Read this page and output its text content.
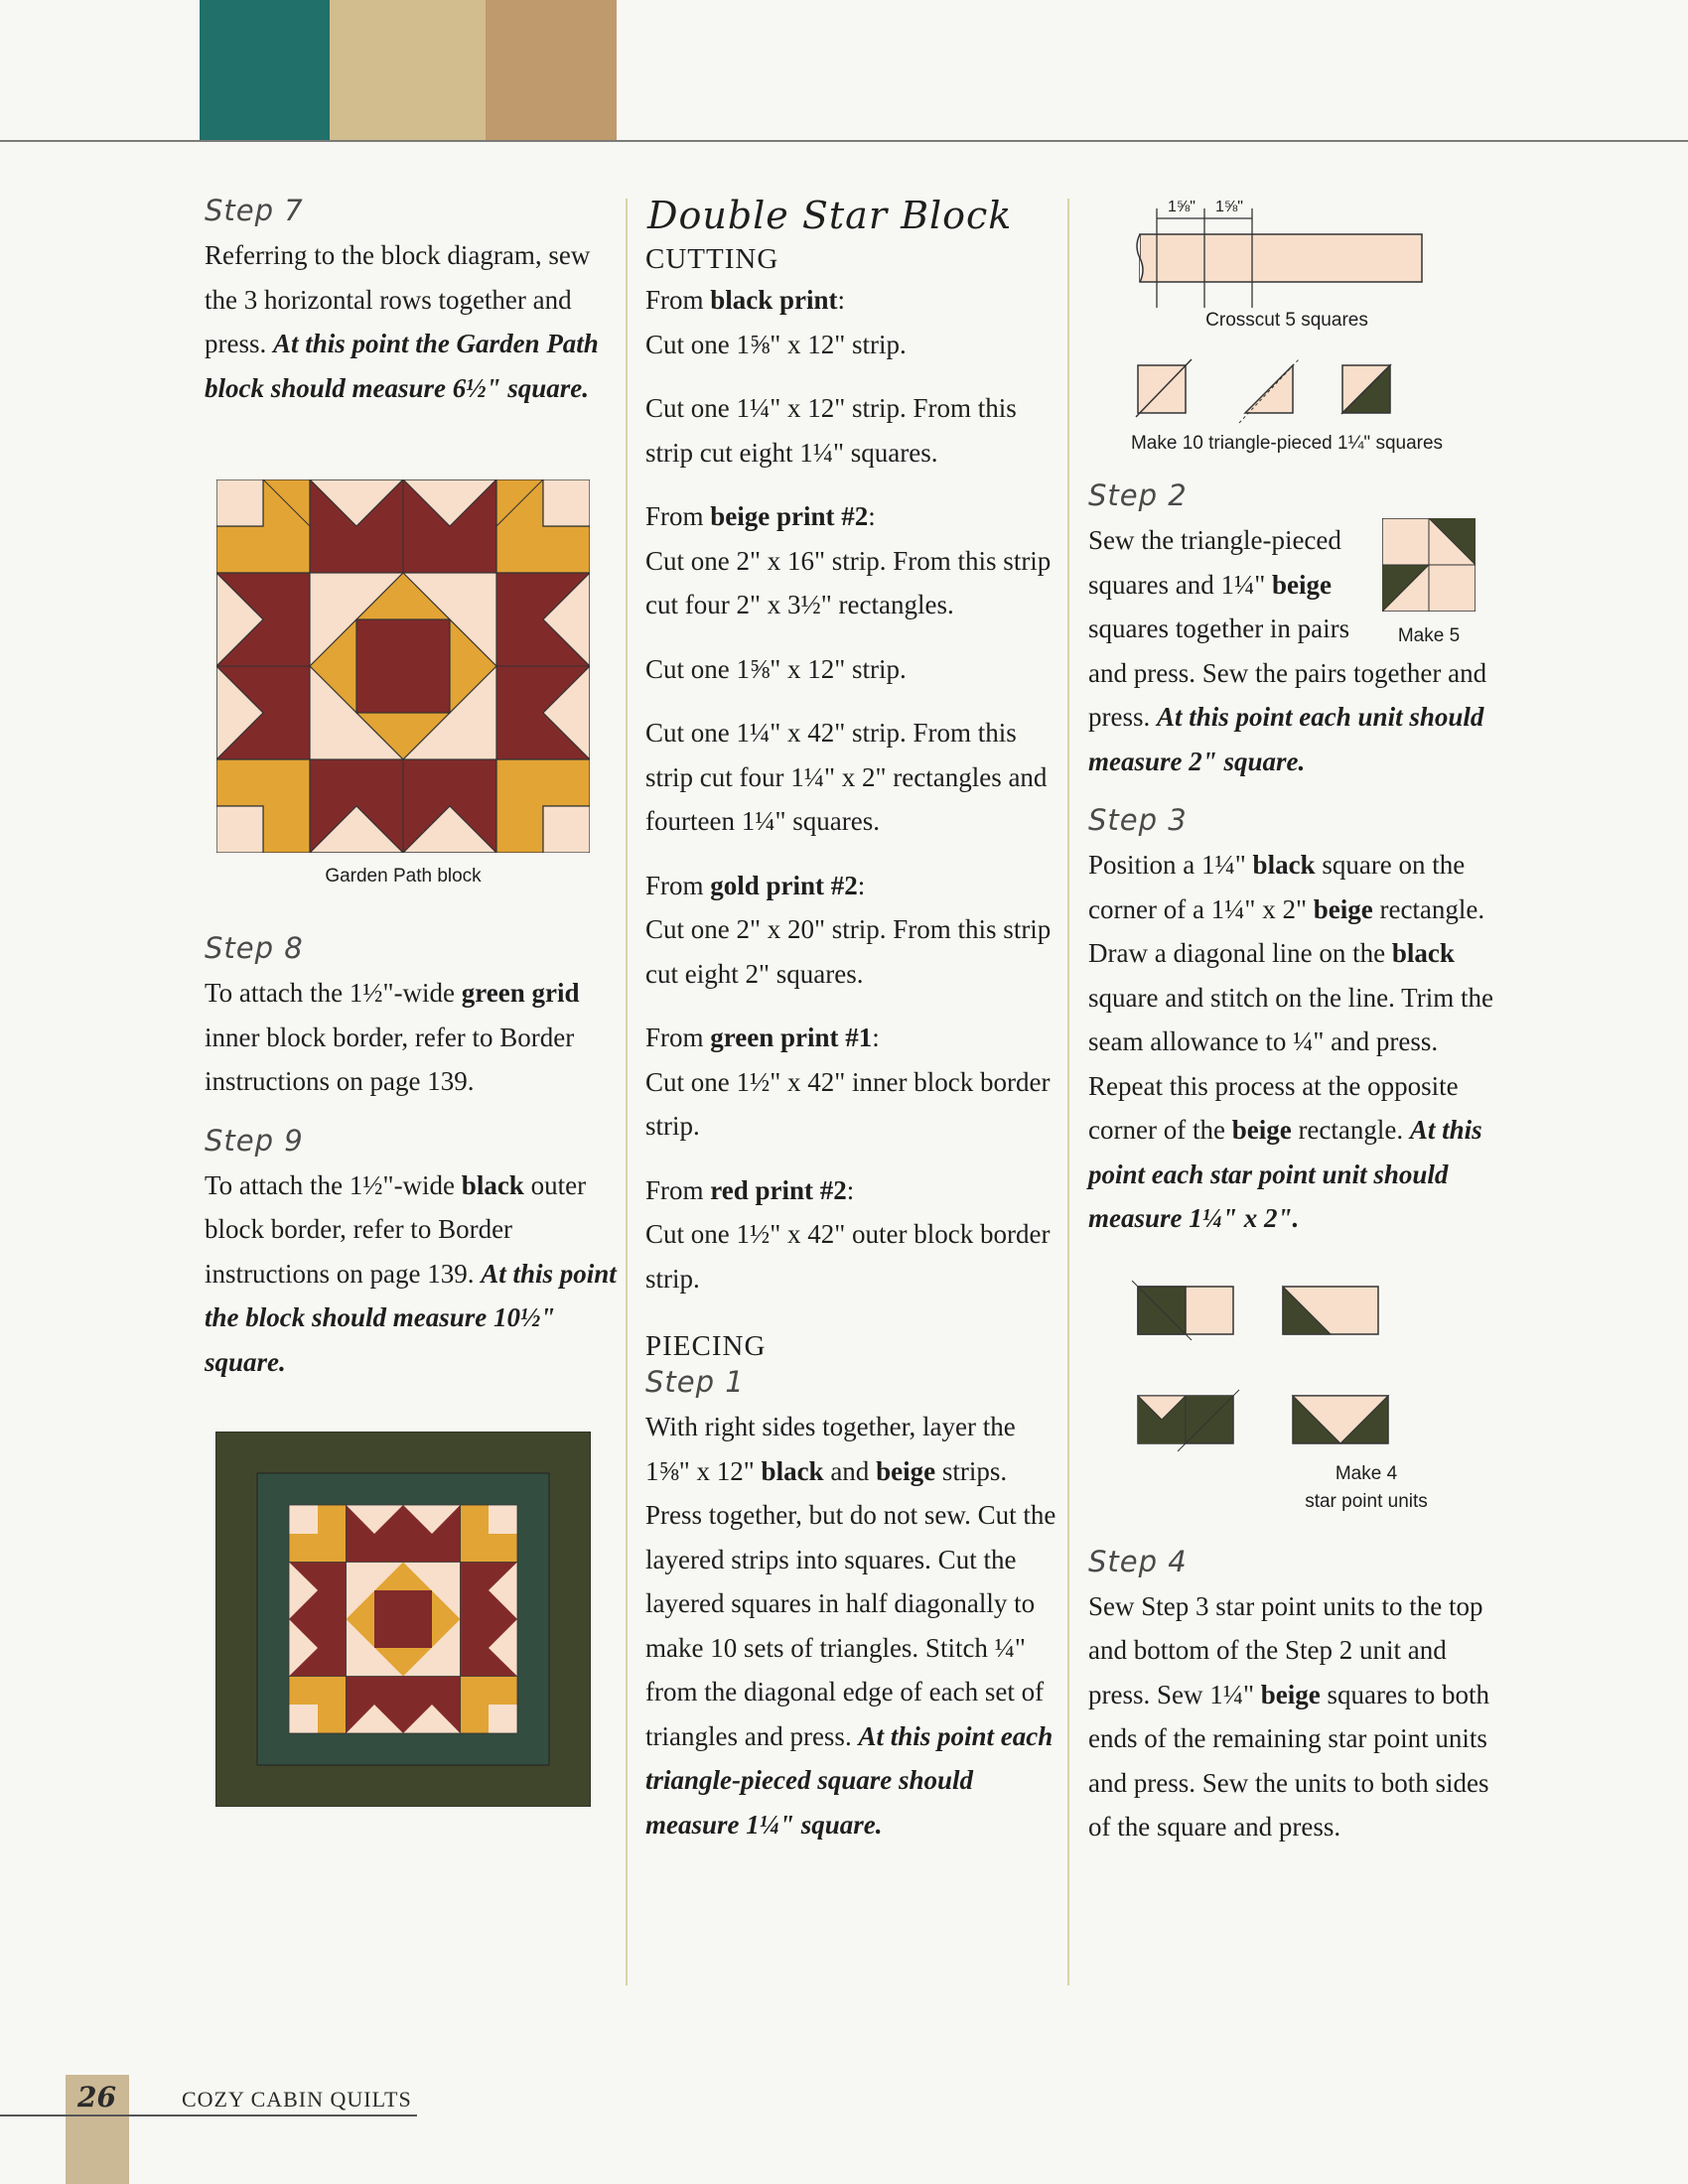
Step 7

Referring to the block diagram, sew the 3 horizontal rows together and press. At this point the Garden Path block should measure 6½" square.

Garden Path block
Step 8

To attach the 1½"-wide green grid inner block border, refer to Border instructions on page 139.

Step 9

To attach the 1½"-wide black outer block border, refer to Border instructions on page 139. At this point the block should measure 10½" square.

Double Star Block
CUTTING

From black print:

Cut one 1⅝" x 12" strip.

Cut one 1¼" x 12" strip. From this strip cut eight 1¼" squares.

From beige print #2:

Cut one 2" x 16" strip. From this strip cut four 2" x 3½" rectangles.

Cut one 1⅝" x 12" strip.

Cut one 1¼" x 42" strip. From this strip cut four 1¼" x 2" rectangles and fourteen 1¼" squares.

From gold print #2:

Cut one 2" x 20" strip. From this strip cut eight 2" squares.

From green print #1:

Cut one 1½" x 42" inner block border strip.

From red print #2:

Cut one 1½" x 42" outer block border strip.

PIECING
Step 1

With right sides together, layer the 1⅝" x 12" black and beige strips. Press together, but do not sew. Cut the layered strips into squares. Cut the layered squares in half diagonally to make 10 sets of triangles. Stitch ¼" from the diagonal edge of each set of triangles and press. At this point each triangle-pieced square should measure 1¼" square.

1⅝" 1⅝"
Crosscut 5 squares
Make 10 triangle-pieced 1¼" squares
Step 2
Make 5

Sew the triangle-pieced squares and 1¼" beige squares together in pairs and press. Sew the pairs together and press. At this point each unit should measure 2" square.

Step 3

Position a 1¼" black square on the corner of a 1¼" x 2" beige rectangle. Draw a diagonal line on the black square and stitch on the line. Trim the seam allowance to ¼" and press. Repeat this process at the opposite corner of the beige rectangle. At this point each star point unit should measure 1¼" x 2".

Make 4
star point units
Step 4

Sew Step 3 star point units to the top and bottom of the Step 2 unit and press. Sew 1¼" beige squares to both ends of the remaining star point units and press. Sew the units to both sides of the square and press.

26	COZY CABIN QUILTS
